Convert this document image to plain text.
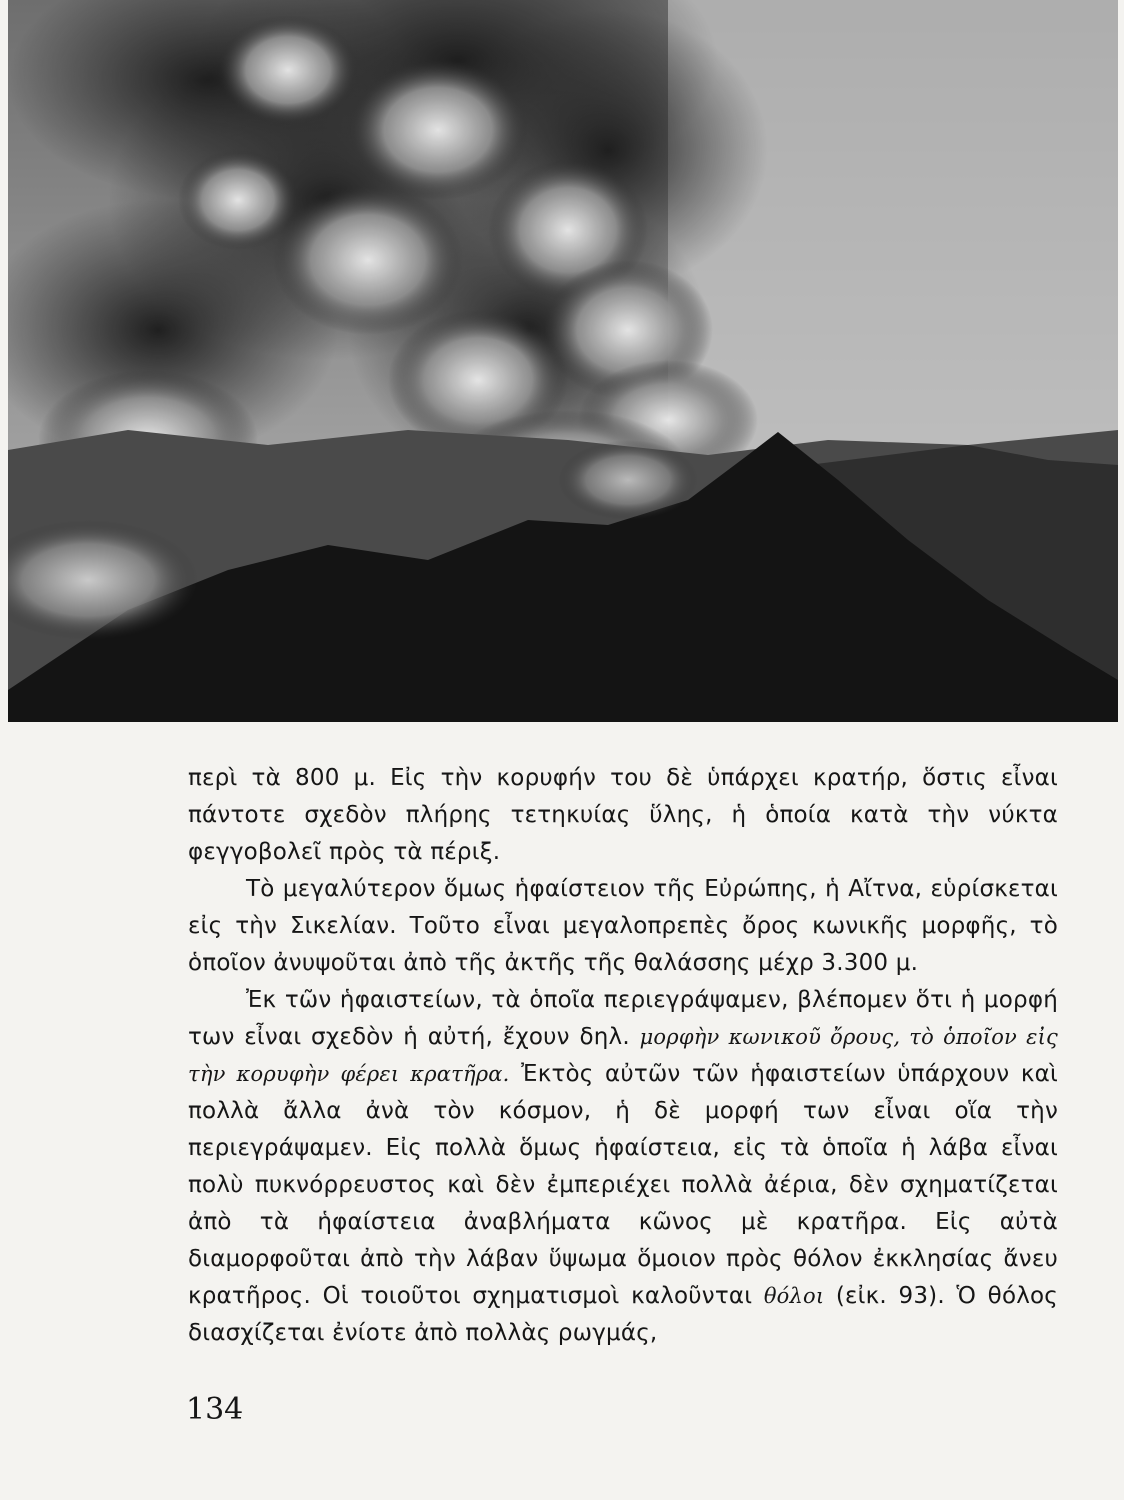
περὶ τὰ 800 μ. Εἰς τὴν κορυφήν του δὲ ὑπάρχει κρατήρ, ὅστις εἶναι πάντοτε σχεδὸν πλήρης τετηκυίας ὕλης, ἡ ὁποία κατὰ τὴν νύκτα φεγγοβολεῖ πρὸς τὰ πέριξ.

Τὸ μεγαλύτερον ὅμως ἡφαίστειον τῆς Εὐρώπης, ἡ Αἴτνα, εὑρίσκεται εἰς τὴν Σικελίαν. Τοῦτο εἶναι μεγαλοπρεπὲς ὄρος κωνικῆς μορφῆς, τὸ ὁποῖον ἀνυψοῦται ἀπὸ τῆς ἀκτῆς τῆς θαλάσσης μέχρ 3.300 μ.

Ἐκ τῶν ἡφαιστείων, τὰ ὁποῖα περιεγράψαμεν, βλέπομεν ὅτι ἡ μορφή των εἶναι σχεδὸν ἡ αὐτή, ἔχουν δηλ. μορφὴν κωνικοῦ ὄρους, τὸ ὁποῖον εἰς τὴν κορυφὴν φέρει κρατῆρα. Ἐκτὸς αὐτῶν τῶν ἡφαιστείων ὑπάρχουν καὶ πολλὰ ἄλλα ἀνὰ τὸν κόσμον, ἡ δὲ μορφή των εἶναι οἵα τὴν περιεγράψαμεν. Εἰς πολλὰ ὅμως ἡφαίστεια, εἰς τὰ ὁποῖα ἡ λάβα εἶναι πολὺ πυκνόρρευστος καὶ δὲν ἐμπεριέχει πολλὰ ἀέρια, δὲν σχηματίζεται ἀπὸ τὰ ἡφαίστεια ἀναβλήματα κῶνος μὲ κρατῆρα. Εἰς αὐτὰ διαμορφοῦται ἀπὸ τὴν λάβαν ὕψωμα ὅμοιον πρὸς θόλον ἐκκλησίας ἄνευ κρατῆρος. Οἱ τοιοῦτοι σχηματισμοὶ καλοῦνται θόλοι (εἰκ. 93). Ὁ θόλος διασχίζεται ἐνίοτε ἀπὸ πολλὰς ρωγμάς,

134
